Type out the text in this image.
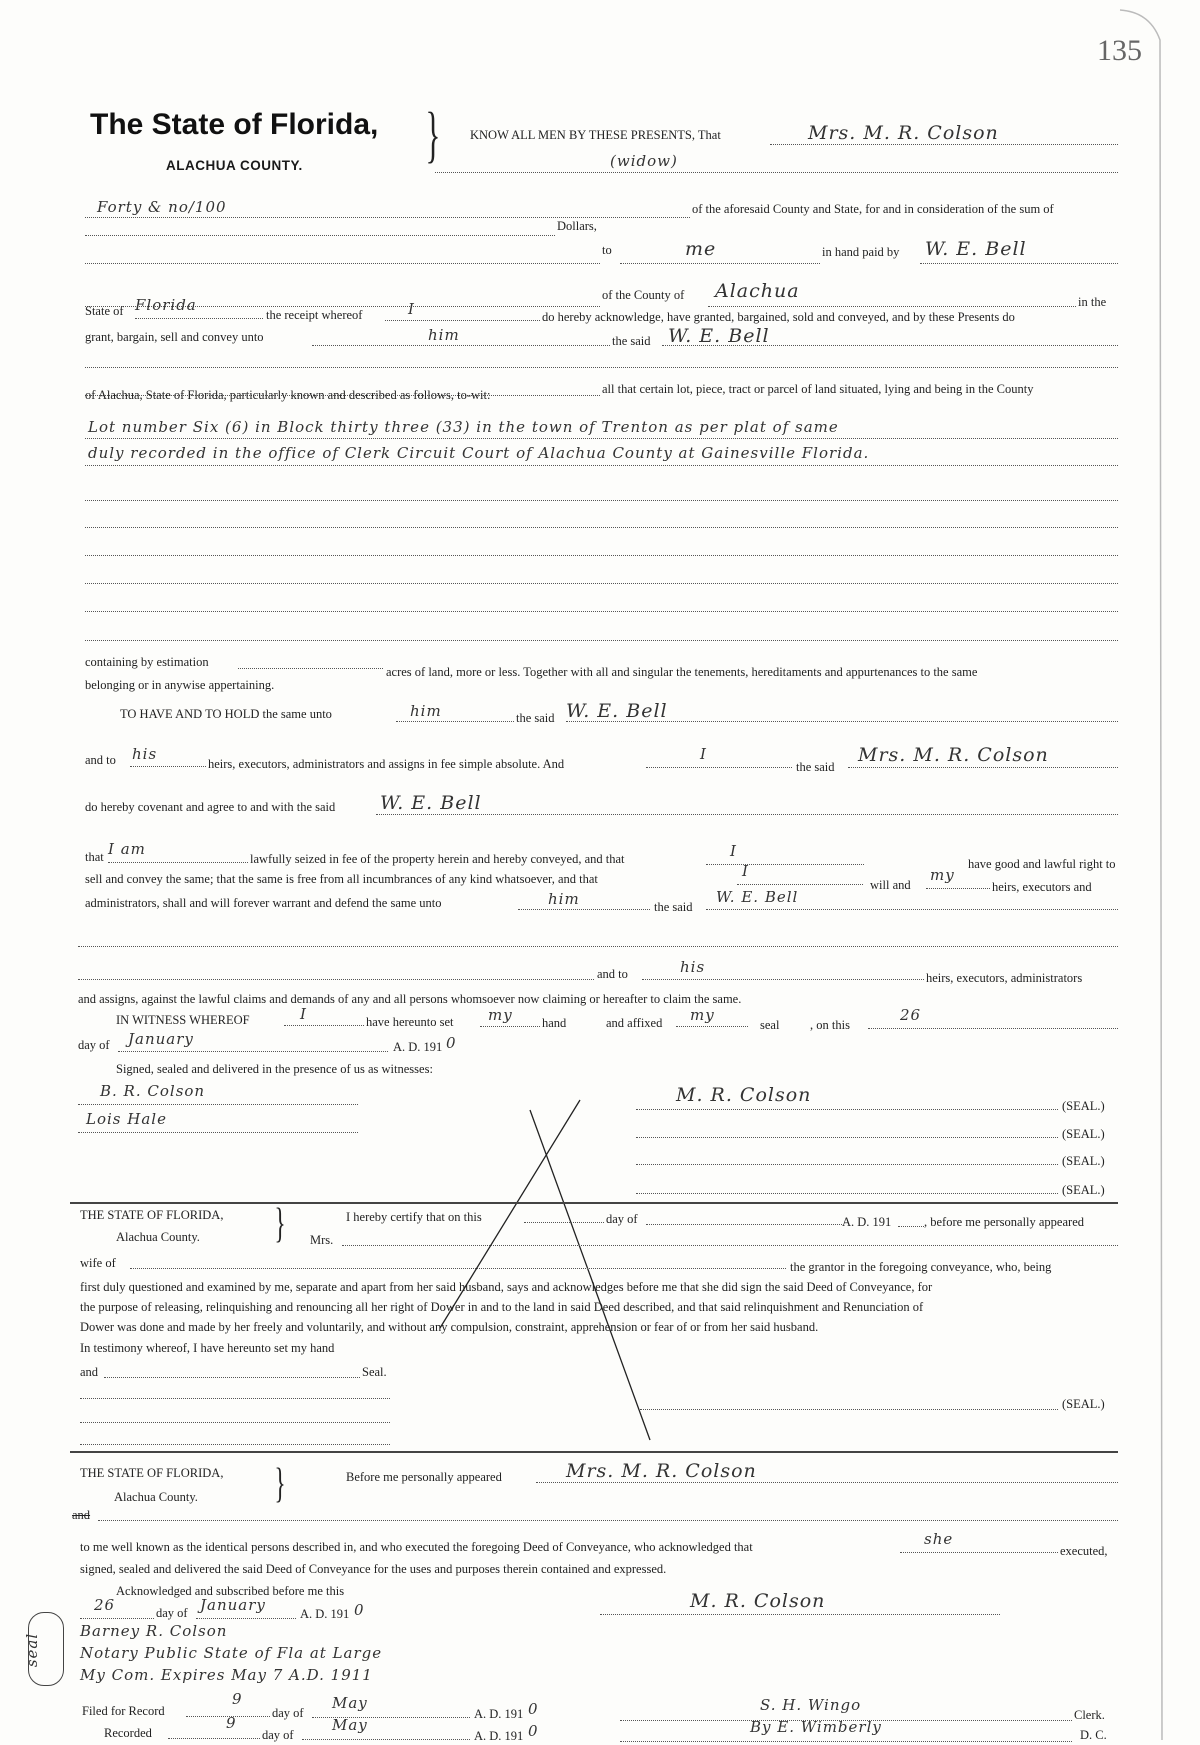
135
The State of Florida,
ALACHUA COUNTY. } KNOW ALL MEN BY THESE PRESENTS, That	Mrs. M. R. Colson
(widow)
Forty & no/100	of the aforesaid County and State, for and in consideration of the sum of
Dollars,
to	me	in hand paid by W. E. Bell
of the County of Alachua	in the
State of Florida
the receipt whereof	I	do hereby acknowledge, have granted, bargained, sold and conveyed, and by these Presents do
grant, bargain, sell and convey unto	him	the said W. E. Bell
all that certain lot, piece, tract or parcel of land situated, lying and being in the County
of Alachua, State of Florida, particularly known and described as follows, to-wit:
Lot number Six (6) in Block thirty three (33) in the town of Trenton as per plat of same
duly recorded in the office of Clerk Circuit Court of Alachua County at Gainesville Florida.
containing by estimation
acres of land, more or less. Together with all and singular the tenements, hereditaments and appurtenances to the same
belonging or in anywise appertaining.
TO HAVE AND TO HOLD the same unto	him	the said W. E. Bell
and to his
heirs, executors, administrators and assigns in fee simple absolute. And
I
the said
Mrs. M. R. Colson
do hereby covenant and agree to and with the said W. E. Bell
that I am
lawfully seized in fee of the property herein and hereby conveyed, and that	I
have good and lawful right to
sell and convey the same; that the same is free from all incumbrances of any kind whatsoever, and that	I
will and
my
heirs, executors and
administrators, shall and will forever warrant and defend the same unto	him	the said
W. E. Bell
and to	his
heirs, executors, administrators
and assigns, against the lawful claims and demands of any and all persons whomsoever now claiming or hereafter to claim the same.
IN WITNESS WHEREOF	I	have hereunto set my hand	and affixed my
seal , on this
26
day of January	A. D. 191 0
Signed, sealed and delivered in the presence of us as witnesses:
B. R. Colson
Lois Hale
M. R. Colson	(SEAL.)
(SEAL.)
(SEAL.)
(SEAL.)
THE STATE OF FLORIDA,
Alachua County. }	I hereby certify that on this	day of	A. D. 191	, before me personally appeared
Mrs.
wife of	the grantor in the foregoing conveyance, who, being
first duly questioned and examined by me, separate and apart from her said husband, says and acknowledges before me that she did sign the said Deed of Conveyance, for
the purpose of releasing, relinquishing and renouncing all her right of Dower in and to the land in said Deed described, and that said relinquishment and Renunciation of
Dower was done and made by her freely and voluntarily, and without any compulsion, constraint, apprehension or fear of or from her said husband.
In testimony whereof, I have hereunto set my hand
and	Seal.
(SEAL.)
THE STATE OF FLORIDA,
Alachua County. }	Before me personally appeared	Mrs. M. R. Colson
and
to me well known as the identical persons described in, and who executed the foregoing Deed of Conveyance, who acknowledged that	she
executed,
signed, sealed and delivered the said Deed of Conveyance for the uses and purposes therein contained and expressed.
Acknowledged and subscribed before me this
26	day of January	A. D. 191 0
Barney R. Colson
Notary Public State of Fla at Large
My Com. Expires May 7 A.D. 1911
seal
M. R. Colson
Filed for Record
9
day of
May
A. D. 191 0	S. H. Wingo
Clerk.
Recorded
9
day of
May
A. D. 191 0	By E. Wimberly	D. C.
